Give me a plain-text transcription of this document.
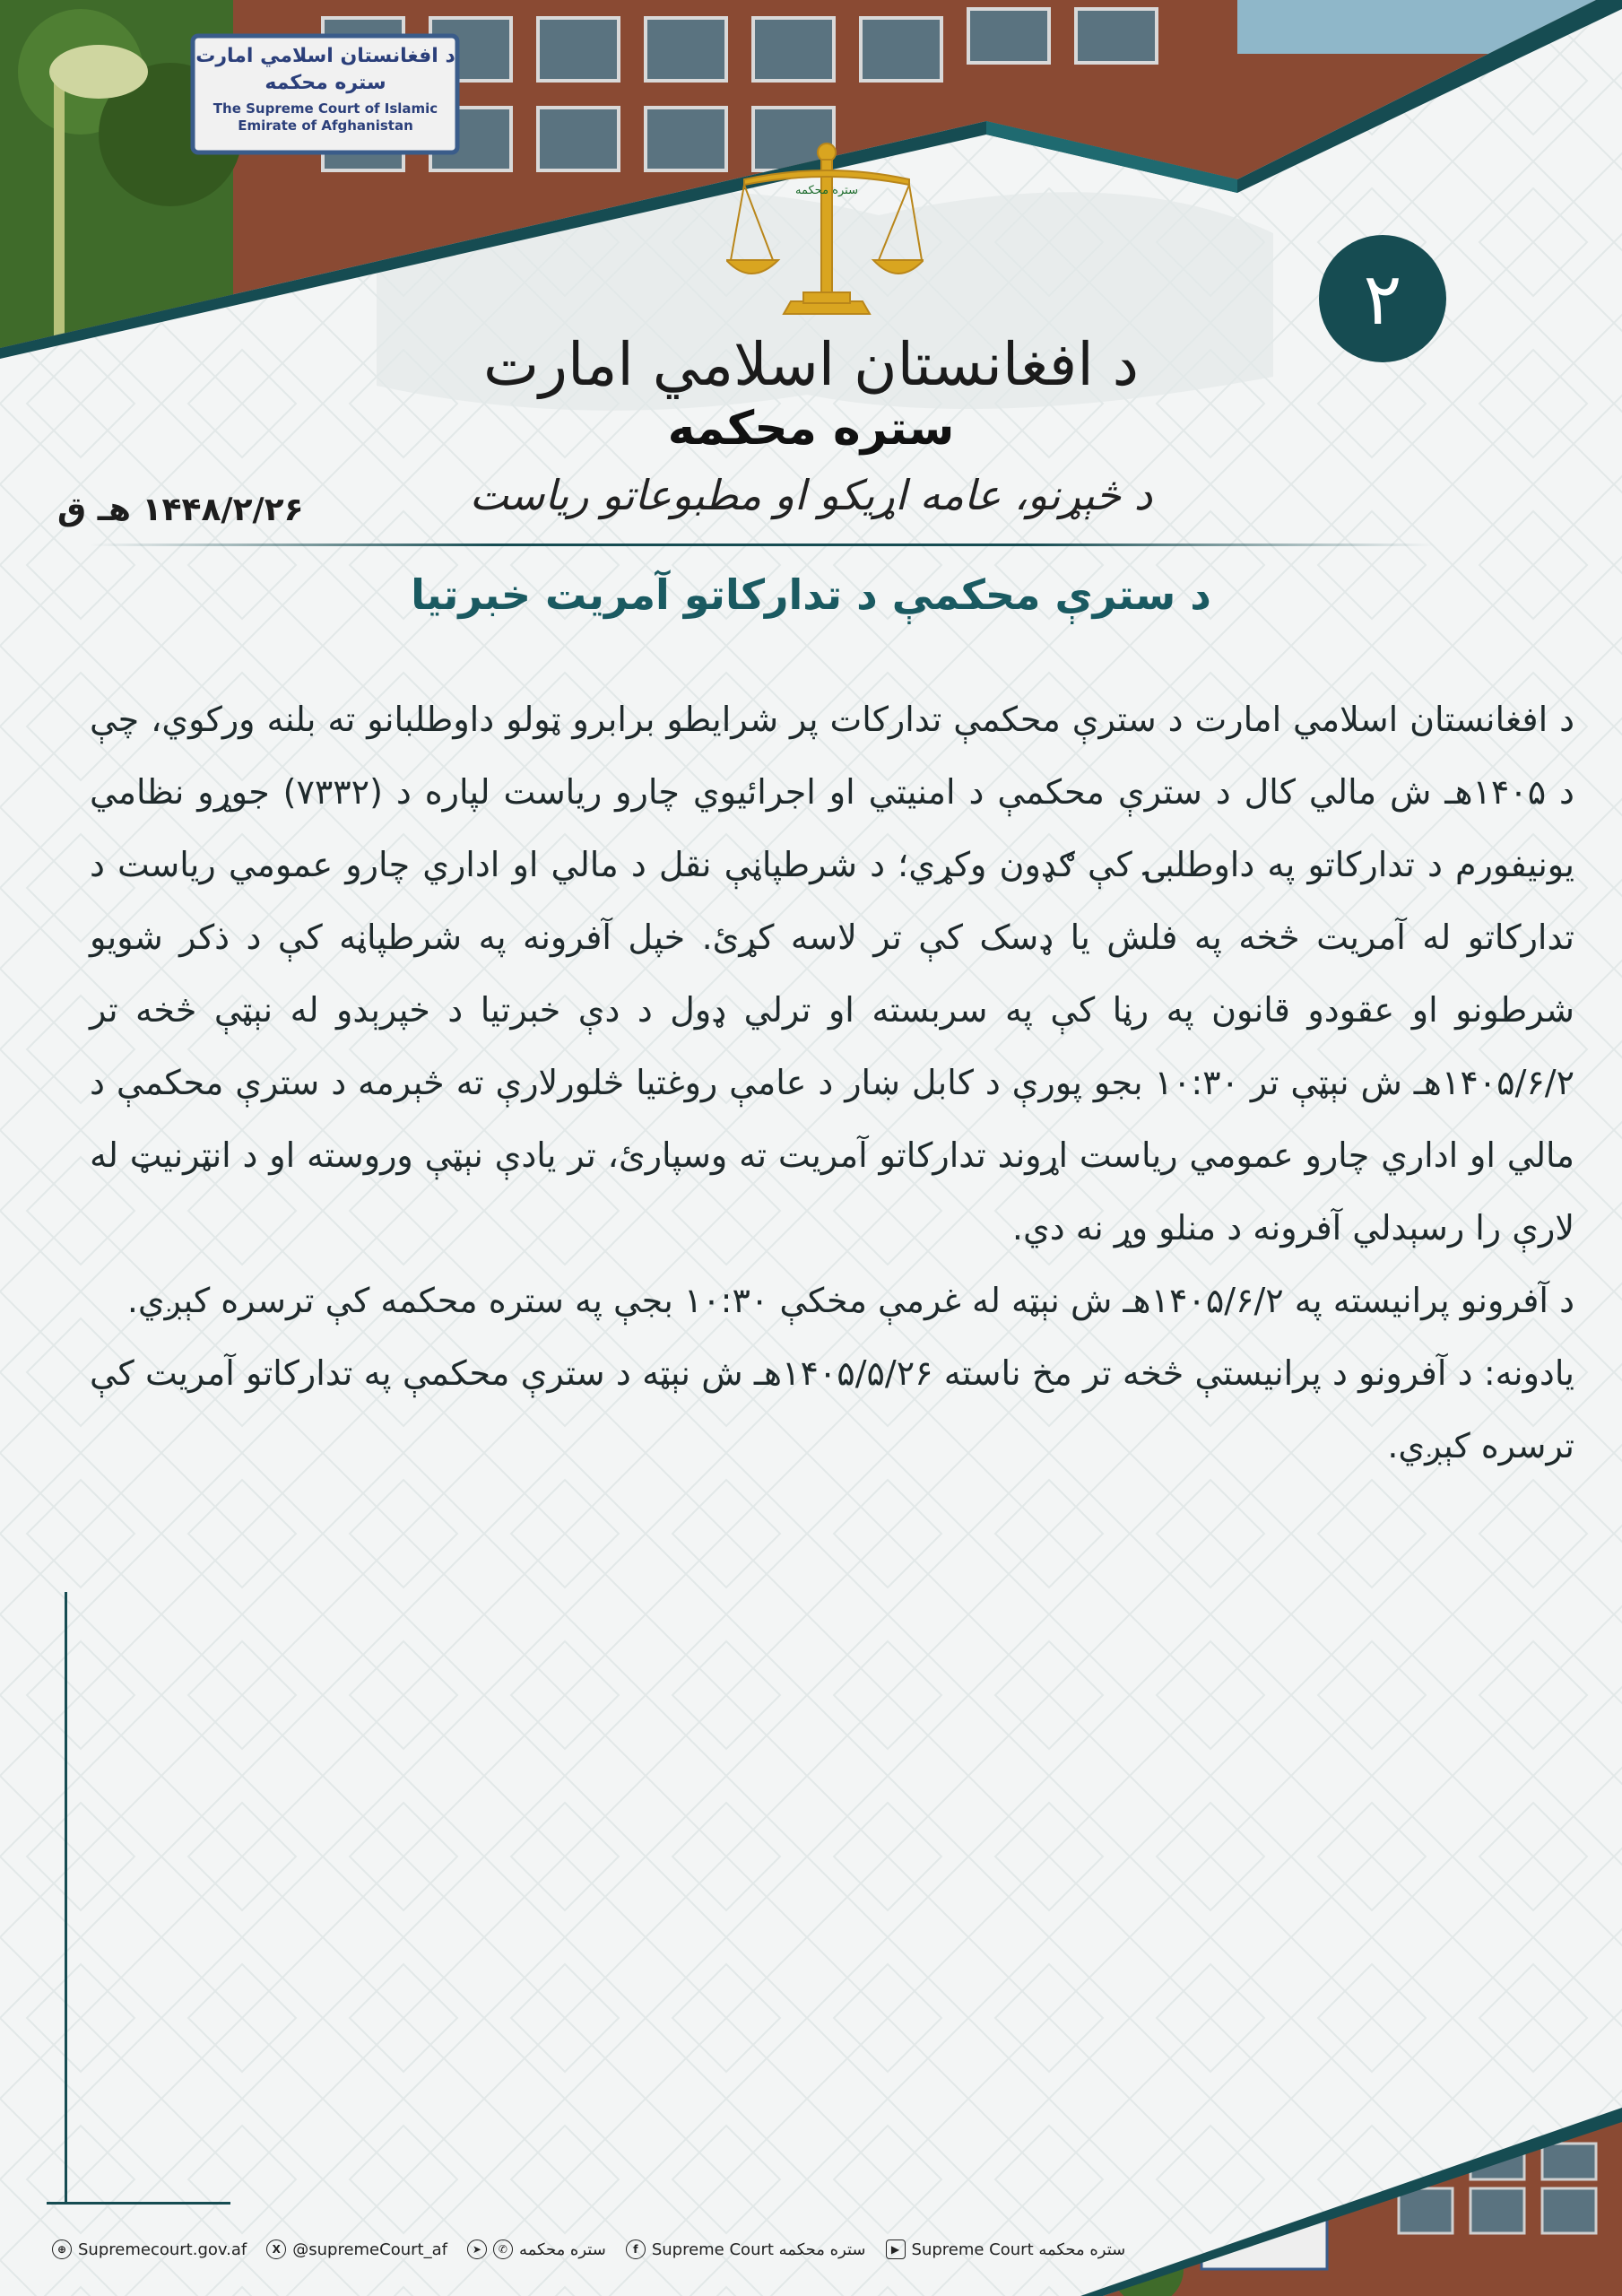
د افغانستان اسلامي امارت ستره محکمه
The Supreme Court of Islamic Emirate of Afghanistan
ستره محکمه
د افغانستان اسلامي امارت
ستره محکمه
د څېړنو، عامه اړیکو او مطبوعاتو ریاست
۲
۱۴۴۸/۲/۲۶ هـ ق
د سترې محکمې د تدارکاتو آمریت خبرتیا

د افغانستان اسلامي امارت د سترې محکمې تدارکات پر شرایطو برابرو ټولو داوطلبانو ته بلنه ورکوي، چې د ۱۴۰۵هـ ش مالي کال د سترې محکمې د امنیتي او اجرائیوي چارو ریاست لپاره د (۷۳۳۲) جوړو نظامي یونیفورم د تدارکاتو په داوطلبۍ کې ګډون وکړي؛ د شرطپاڼې نقل د مالي او اداري چارو عمومي ریاست د تدارکاتو له آمریت څخه په فلش یا ډسک کې تر لاسه کړئ. خپل آفرونه په شرطپاڼه کې د ذکر شویو شرطونو او عقودو قانون په رڼا کې په سربسته او ترلي ډول د دې خبرتیا د خپرېدو له نېټې څخه تر ۱۴۰۵/۶/۲هـ ش نېټې تر ۱۰:۳۰ بجو پورې د کابل ښار د عامې روغتیا څلورلارې ته څېرمه د سترې محکمې د مالي او اداري چارو عمومي ریاست اړوند تدارکاتو آمریت ته وسپارئ، تر یادې نېټې وروسته او د انټرنیټ له لارې را رسېدلي آفرونه د منلو وړ نه دي.

د آفرونو پرانیسته په ۱۴۰۵/۶/۲هـ ش نېټه له غرمې مخکې ۱۰:۳۰ بجې په ستره محکمه کې ترسره کېږي.

یادونه: د آفرونو د پرانیستې څخه تر مخ ناسته ۱۴۰۵/۵/۲۶هـ ش نېټه د سترې محکمې په تدارکاتو آمریت کې ترسره کېږي.

⊕ Supremecourt.gov.af	X @supremeCourt_af	➤	✆ ستره محکمه	f Supreme Court ستره محکمه	▶ Supreme Court ستره محکمه
